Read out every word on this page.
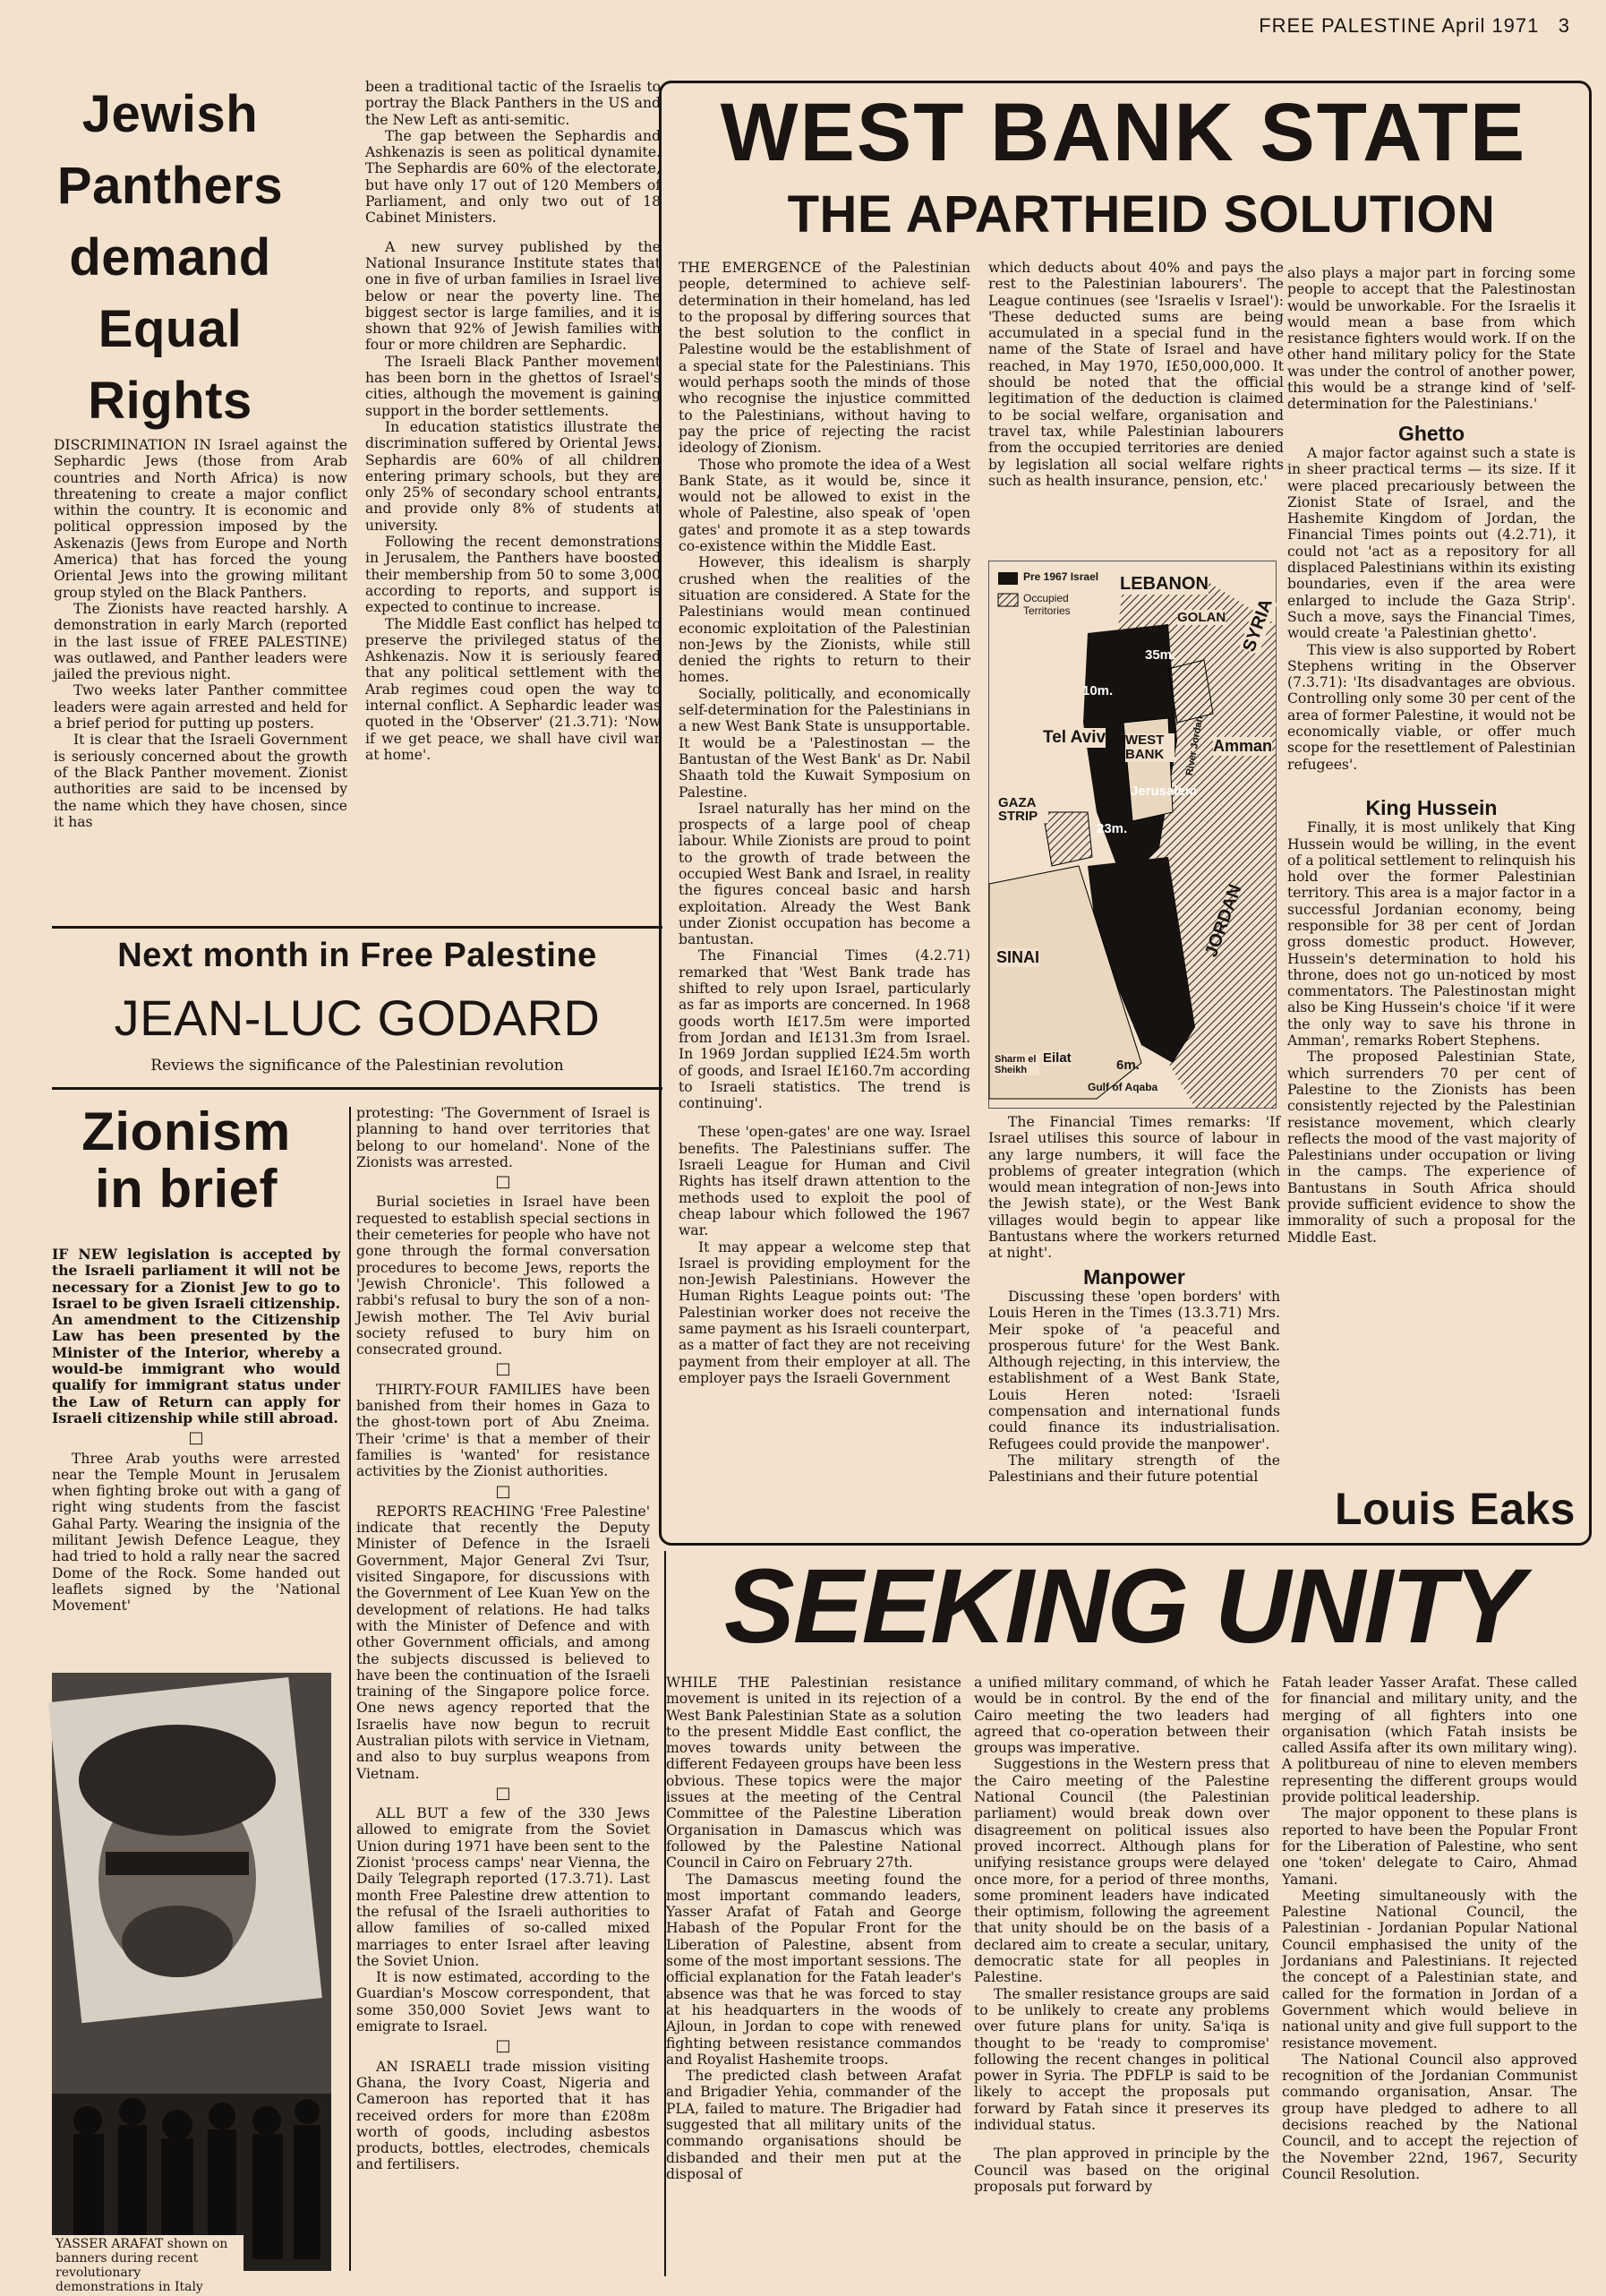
FREE PALESTINE April 1971 3
Jewish
Panthers
demand
Equal
Rights

DISCRIMINATION IN Israel against the Sephardic Jews (those from Arab countries and North Africa) is now threatening to create a major conflict within the country. It is economic and political oppression imposed by the Askenazis (Jews from Europe and North America) that has forced the young Oriental Jews into the growing militant group styled on the Black Panthers.

The Zionists have reacted harshly. A demonstration in early March (reported in the last issue of FREE PALESTINE) was outlawed, and Panther leaders were jailed the previous night.

Two weeks later Panther committee leaders were again arrested and held for a brief period for putting up posters.

It is clear that the Israeli Government is seriously concerned about the growth of the Black Panther movement. Zionist authorities are said to be incensed by the name which they have chosen, since it has

been a traditional tactic of the Israelis to portray the Black Panthers in the US and the New Left as anti-semitic.

The gap between the Sephardis and Ashkenazis is seen as political dynamite. The Sephardis are 60% of the electorate, but have only 17 out of 120 Members of Parliament, and only two out of 18 Cabinet Ministers.

A new survey published by the National Insurance Institute states that one in five of urban families in Israel live below or near the poverty line. The biggest sector is large families, and it is shown that 92% of Jewish families with four or more children are Sephardic.

The Israeli Black Panther movement has been born in the ghettos of Israel's cities, although the movement is gaining support in the border settlements.

In education statistics illustrate the discrimination suffered by Oriental Jews. Sephardis are 60% of all children entering primary schools, but they are only 25% of secondary school entrants, and provide only 8% of students at university.

Following the recent demonstrations in Jerusalem, the Panthers have boosted their membership from 50 to some 3,000 according to reports, and support is expected to continue to increase.

The Middle East conflict has helped to preserve the privileged status of the Ashkenazis. Now it is seriously feared that any political settlement with the Arab regimes coud open the way to internal conflict. A Sephardic leader was quoted in the 'Observer' (21.3.71): 'Now if we get peace, we shall have civil war at home'.

Next month in Free Palestine
JEAN-LUC GODARD
Reviews the significance of the Palestinian revolution
Zionism
in brief

IF NEW legislation is accepted by the Israeli parliament it will not be necessary for a Zionist Jew to go to Israel to be given Israeli citizenship. An amendment to the Citizenship Law has been presented by the Minister of the Interior, whereby a would-be immigrant who would qualify for immigrant status under the Law of Return can apply for Israeli citizenship while still abroad.

□

Three Arab youths were arrested near the Temple Mount in Jerusalem when fighting broke out with a gang of right wing students from the fascist Gahal Party. Wearing the insignia of the militant Jewish Defence League, they had tried to hold a rally near the sacred Dome of the Rock. Some handed out leaflets signed by the 'National Movement'

protesting: 'The Government of Israel is planning to hand over territories that belong to our homeland'. None of the Zionists was arrested.

□

Burial societies in Israel have been requested to establish special sections in their cemeteries for people who have not gone through the formal conversation procedures to become Jews, reports the 'Jewish Chronicle'. This followed a rabbi's refusal to bury the son of a non-Jewish mother. The Tel Aviv burial society refused to bury him on consecrated ground.

□

THIRTY-FOUR FAMILIES have been banished from their homes in Gaza to the ghost-town port of Abu Zneima. Their 'crime' is that a member of their families is 'wanted' for resistance activities by the Zionist authorities.

□

REPORTS REACHING 'Free Palestine' indicate that recently the Deputy Minister of Defence in the Israeli Government, Major General Zvi Tsur, visited Singapore, for discussions with the Government of Lee Kuan Yew on the development of relations. He had talks with the Minister of Defence and with other Government officials, and among the subjects discussed is believed to have been the continuation of the Israeli training of the Singapore police force. One news agency reported that the Israelis have now begun to recruit Australian pilots with service in Vietnam, and also to buy surplus weapons from Vietnam.

□

ALL BUT a few of the 330 Jews allowed to emigrate from the Soviet Union during 1971 have been sent to the Zionist 'process camps' near Vienna, the Daily Telegraph reported (17.3.71). Last month Free Palestine drew attention to the refusal of the Israeli authorities to allow families of so-called mixed marriages to enter Israel after leaving the Soviet Union.

It is now estimated, according to the Guardian's Moscow correspondent, that some 350,000 Soviet Jews want to emigrate to Israel.

□

AN ISRAELI trade mission visiting Ghana, the Ivory Coast, Nigeria and Cameroon has reported that it has received orders for more than £208m worth of goods, including asbestos products, bottles, electrodes, chemicals and fertilisers.

YASSER ARAFAT shown on banners during recent revolutionary demonstrations in Italy
WEST BANK STATE
THE APARTHEID SOLUTION

THE EMERGENCE of the Palestinian people, determined to achieve self-determination in their homeland, has led to the proposal by differing sources that the best solution to the conflict in Palestine would be the establishment of a special state for the Palestinians. This would perhaps sooth the minds of those who recognise the injustice committed to the Palestinians, without having to pay the price of rejecting the racist ideology of Zionism.

Those who promote the idea of a West Bank State, as it would be, since it would not be allowed to exist in the whole of Palestine, also speak of 'open gates' and promote it as a step towards co-existence within the Middle East.

However, this idealism is sharply crushed when the realities of the situation are considered. A State for the Palestinians would mean continued economic exploitation of the Palestinian non-Jews by the Zionists, while still denied the rights to return to their homes.

Socially, politically, and economically self-determination for the Palestinians in a new West Bank State is unsupportable. It would be a 'Palestinostan — the Bantustan of the West Bank' as Dr. Nabil Shaath told the Kuwait Symposium on Palestine.

Israel naturally has her mind on the prospects of a large pool of cheap labour. While Zionists are proud to point to the growth of trade between the occupied West Bank and Israel, in reality the figures conceal basic and harsh exploitation. Already the West Bank under Zionist occupation has become a bantustan.

The Financial Times (4.2.71) remarked that 'West Bank trade has shifted to rely upon Israel, particularly as far as imports are concerned. In 1968 goods worth I£17.5m were imported from Jordan and I£131.3m from Israel. In 1969 Jordan supplied I£24.5m worth of goods, and Israel I£160.7m according to Israeli statistics. The trend is continuing'.

These 'open-gates' are one way. Israel benefits. The Palestinians suffer. The Israeli League for Human and Civil Rights has itself drawn attention to the methods used to exploit the pool of cheap labour which followed the 1967 war.

It may appear a welcome step that Israel is providing employment for the non-Jewish Palestinians. However the Human Rights League points out: 'The Palestinian worker does not receive the same payment as his Israeli counterpart, as a matter of fact they are not receiving payment from their employer at all. The employer pays the Israeli Government

which deducts about 40% and pays the rest to the Palestinian labourers'. The League continues (see 'Israelis v Israel'): 'These deducted sums are being accumulated in a special fund in the name of the State of Israel and have reached, in May 1970, I£50,000,000. It should be noted that the official legitimation of the deduction is claimed to be social welfare, organisation and travel tax, while Palestinian labourers from the occupied territories are denied by legislation all social welfare rights such as health insurance, pension, etc.'

Pre 1967 Israel
Occupied Territories
LEBANON
GOLAN SYRIA
35m.
10m.
Tel Aviv WEST BANK	River Jordan Amman
Jerusalem
GAZA STRIP
23m.
JORDAN
SINAI
Sharm el Sheikh
Eilat	6m.
Gulf of Aqaba

The Financial Times remarks: 'If Israel utilises this source of labour in any large numbers, it will face the problems of greater integration (which would mean integration of non-Jews into the Jewish state), or the West Bank villages would begin to appear like Bantustans where the workers returned at night'.

Manpower

Discussing these 'open borders' with Louis Heren in the Times (13.3.71) Mrs. Meir spoke of 'a peaceful and prosperous future' for the West Bank. Although rejecting, in this interview, the establishment of a West Bank State, Louis Heren noted: 'Israeli compensation and international funds could finance its industrialisation. Refugees could provide the manpower'.

The military strength of the Palestinians and their future potential

also plays a major part in forcing some people to accept that the Palestinostan would be unworkable. For the Israelis it would mean a base from which resistance fighters would work. If on the other hand military policy for the State was under the control of another power, this would be a strange kind of 'self-determination for the Palestinians.'

Ghetto

A major factor against such a state is in sheer practical terms — its size. If it were placed precariously between the Zionist State of Israel, and the Hashemite Kingdom of Jordan, the Financial Times points out (4.2.71), it could not 'act as a repository for all displaced Palestinians within its existing boundaries, even if the area were enlarged to include the Gaza Strip'. Such a move, says the Financial Times, would create 'a Palestinian ghetto'.

This view is also supported by Robert Stephens writing in the Observer (7.3.71): 'Its disadvantages are obvious. Controlling only some 30 per cent of the area of former Palestine, it would not be economically viable, or offer much scope for the resettlement of Palestinian refugees'.

King Hussein

Finally, it is most unlikely that King Hussein would be willing, in the event of a political settlement to relinquish his hold over the former Palestinian territory. This area is a major factor in a successful Jordanian economy, being responsible for 38 per cent of Jordan gross domestic product. However, Hussein's determination to hold his throne, does not go un-noticed by most commentators. The Palestinostan might also be King Hussein's choice 'if it were the only way to save his throne in Amman', remarks Robert Stephens.

The proposed Palestinian State, which surrenders 70 per cent of Palestine to the Zionists has been consistently rejected by the Palestinian resistance movement, which clearly reflects the mood of the vast majority of Palestinians under occupation or living in the camps. The experience of Bantustans in South Africa should provide sufficient evidence to show the immorality of such a proposal for the Middle East.

Louis Eaks
SEEKING UNITY

WHILE THE Palestinian resistance movement is united in its rejection of a West Bank Palestinian State as a solution to the present Middle East conflict, the moves towards unity between the different Fedayeen groups have been less obvious. These topics were the major issues at the meeting of the Central Committee of the Palestine Liberation Organisation in Damascus which was followed by the Palestine National Council in Cairo on February 27th.

The Damascus meeting found the most important commando leaders, Yasser Arafat of Fatah and George Habash of the Popular Front for the Liberation of Palestine, absent from some of the most important sessions. The official explanation for the Fatah leader's absence was that he was forced to stay at his headquarters in the woods of Ajloun, in Jordan to cope with renewed fighting between resistance commandos and Royalist Hashemite troops.

The predicted clash between Arafat and Brigadier Yehia, commander of the PLA, failed to mature. The Brigadier had suggested that all military units of the commando organisations should be disbanded and their men put at the disposal of

a unified military command, of which he would be in control. By the end of the Cairo meeting the two leaders had agreed that co-operation between their groups was imperative.

Suggestions in the Western press that the Cairo meeting of the Palestine National Council (the Palestinian parliament) would break down over disagreement on political issues also proved incorrect. Although plans for unifying resistance groups were delayed once more, for a period of three months, some prominent leaders have indicated their optimism, following the agreement that unity should be on the basis of a declared aim to create a secular, unitary, democratic state for all peoples in Palestine.

The smaller resistance groups are said to be unlikely to create any problems over future plans for unity. Sa'iqa is thought to be 'ready to compromise' following the recent changes in political power in Syria. The PDFLP is said to be likely to accept the proposals put forward by Fatah since it preserves its individual status.

The plan approved in principle by the Council was based on the original proposals put forward by

Fatah leader Yasser Arafat. These called for financial and military unity, and the merging of all fighters into one organisation (which Fatah insists be called Assifa after its own military wing). A politbureau of nine to eleven members representing the different groups would provide political leadership.

The major opponent to these plans is reported to have been the Popular Front for the Liberation of Palestine, who sent one 'token' delegate to Cairo, Ahmad Yamani.

Meeting simultaneously with the Palestine National Council, the Palestinian - Jordanian Popular National Council emphasised the unity of the Jordanians and Palestinians. It rejected the concept of a Palestinian state, and called for the formation in Jordan of a Government which would believe in national unity and give full support to the resistance movement.

The National Council also approved recognition of the Jordanian Communist commando organisation, Ansar. The group have pledged to adhere to all decisions reached by the National Council, and to accept the rejection of the November 22nd, 1967, Security Council Resolution.
